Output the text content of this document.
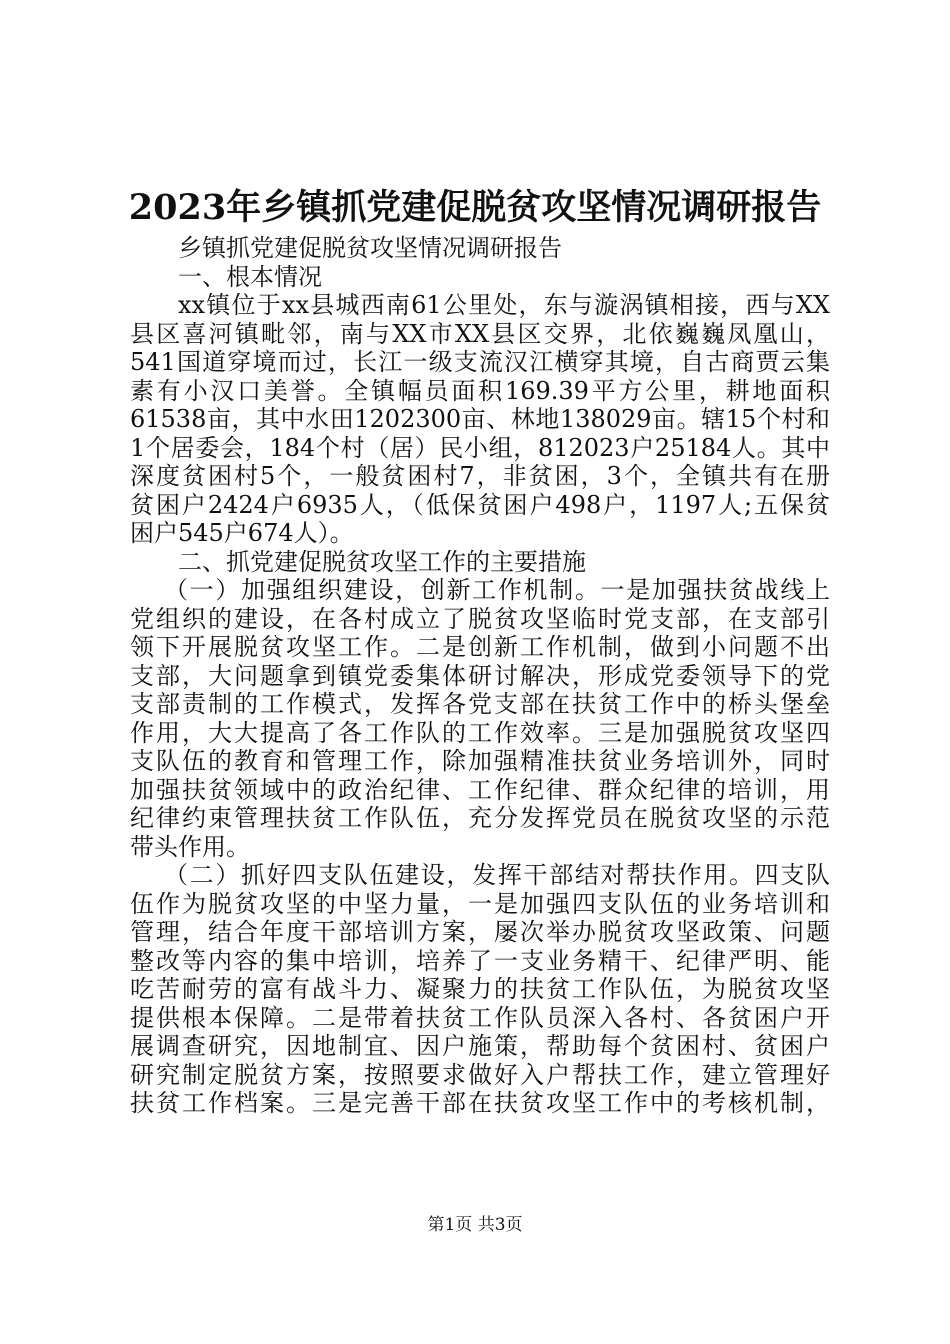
2023年乡镇抓党建促脱贫攻坚情况调研报告
乡镇抓党建促脱贫攻坚情况调研报告
一、根本情况
xx镇位于xx县城西南61公里处，东与漩涡镇相接，西与XX
县区喜河镇毗邻，南与XX市XX县区交界，北依巍巍凤凰山，
541国道穿境而过，长江一级支流汉江横穿其境，自古商贾云集
素有小汉口美誉。全镇幅员面积169.39平方公里，耕地面积
61538亩，其中水田1202300亩、林地138029亩。辖15个村和
1个居委会，184个村（居）民小组，812023户25184人。其中
深度贫困村5个，一般贫困村7，非贫困，3个，全镇共有在册
贫困户2424户6935人，（低保贫困户498户，1197人;五保贫
困户545户674人）。
二、抓党建促脱贫攻坚工作的主要措施
（一）加强组织建设，创新工作机制。一是加强扶贫战线上
党组织的建设，在各村成立了脱贫攻坚临时党支部，在支部引
领下开展脱贫攻坚工作。二是创新工作机制，做到小问题不出
支部，大问题拿到镇党委集体研讨解决，形成党委领导下的党
支部责制的工作模式，发挥各党支部在扶贫工作中的桥头堡垒
作用，大大提高了各工作队的工作效率。三是加强脱贫攻坚四
支队伍的教育和管理工作，除加强精准扶贫业务培训外，同时
加强扶贫领域中的政治纪律、工作纪律、群众纪律的培训，用
纪律约束管理扶贫工作队伍，充分发挥党员在脱贫攻坚的示范
带头作用。
（二）抓好四支队伍建设，发挥干部结对帮扶作用。四支队
伍作为脱贫攻坚的中坚力量，一是加强四支队伍的业务培训和
管理，结合年度干部培训方案，屡次举办脱贫攻坚政策、问题
整改等内容的集中培训，培养了一支业务精干、纪律严明、能
吃苦耐劳的富有战斗力、凝聚力的扶贫工作队伍，为脱贫攻坚
提供根本保障。二是带着扶贫工作队员深入各村、各贫困户开
展调查研究，因地制宜、因户施策，帮助每个贫困村、贫困户
研究制定脱贫方案，按照要求做好入户帮扶工作，建立管理好
扶贫工作档案。三是完善干部在扶贫攻坚工作中的考核机制，
第1页 共3页
